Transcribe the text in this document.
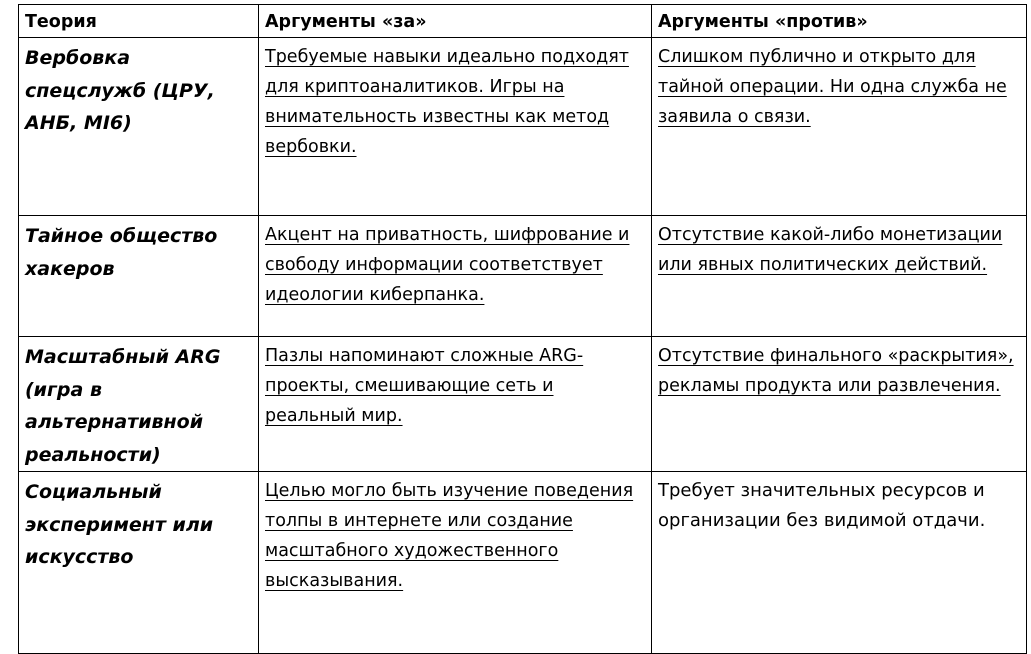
Теория	Аргументы «за»	Аргументы «против»
Вербовка спецслужб (ЦРУ, АНБ, MI6)	Требуемые навыки идеально подходят для криптоаналитиков. Игры на внимательность известны как метод вербовки.	Слишком публично и открыто для тайной операции. Ни одна служба не заявила о связи.
Тайное общество хакеров	Акцент на приватность, шифрование и свободу информации соответствует идеологии киберпанка.	Отсутствие какой-либо монетизации или явных политических действий.
Масштабный ARG (игра в альтернативной реальности)	Пазлы напоминают сложные ARG-проекты, смешивающие сеть и реальный мир.	Отсутствие финального «раскрытия», рекламы продукта или развлечения.
Социальный эксперимент или искусство	Целью могло быть изучение поведения толпы в интернете или создание масштабного художественного высказывания.	Требует значительных ресурсов и организации без видимой отдачи.
